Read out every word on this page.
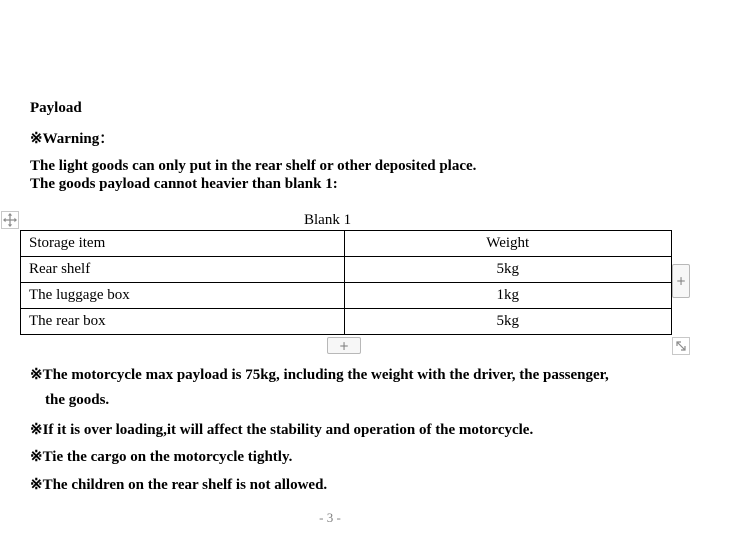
Payload
※Warning：
The light goods can only put in the rear shelf or other deposited place.
The goods payload cannot heavier than blank 1:
Blank 1
Storage item	Weight
Rear shelf	5kg
The luggage box	1kg
The rear box	5kg
+
+
※The motorcycle max payload is 75kg, including the weight with the driver, the passenger,
the goods.
※If it is over loading,it will affect the stability and operation of the motorcycle.
※Tie the cargo on the motorcycle tightly.
※The children on the rear shelf is not allowed.
- 3 -
